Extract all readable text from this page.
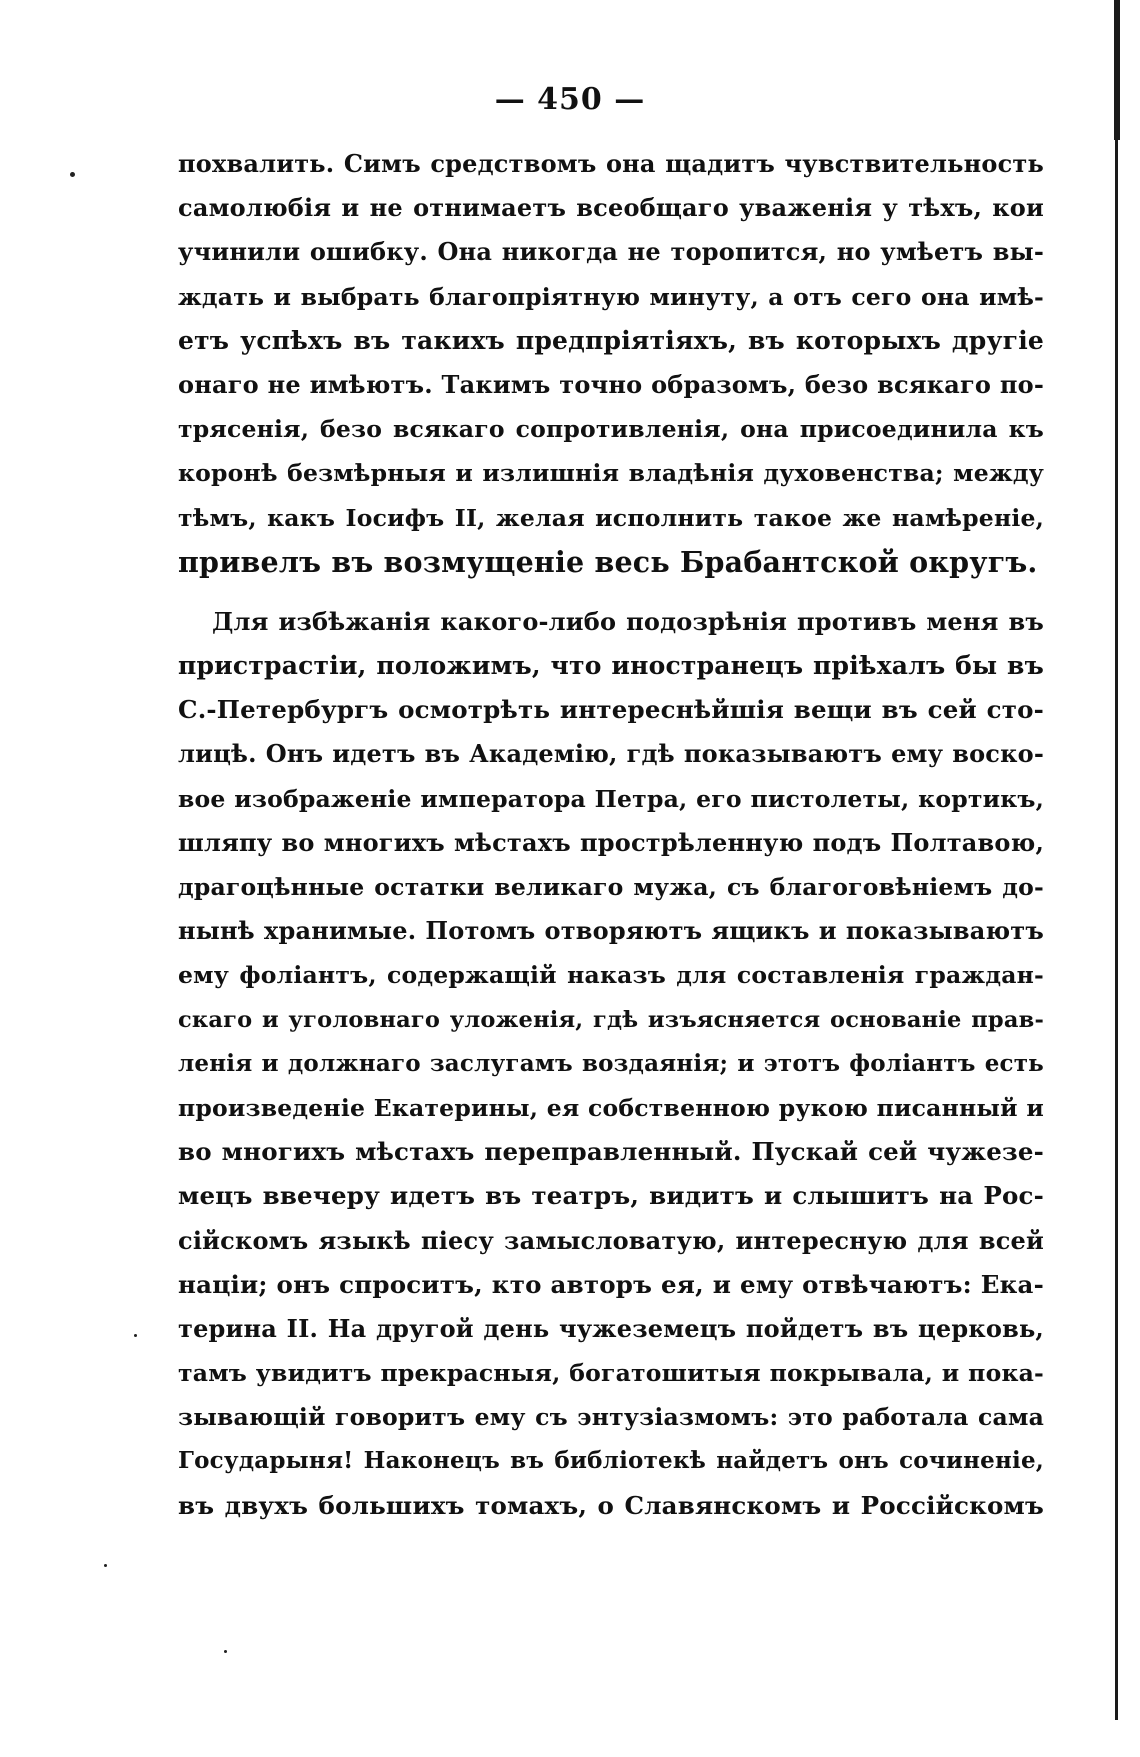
— 450 —
похвалить. Симъ средствомъ она щадитъ чувствительность
самолюбія и не отнимаетъ всеобщаго уваженія у тѣхъ, кои
учинили ошибку. Она никогда не торопится, но умѣетъ вы-
ждать и выбрать благопріятную минуту, а отъ сего она имѣ-
етъ успѣхъ въ такихъ предпріятіяхъ, въ которыхъ другіе
онаго не имѣютъ. Такимъ точно образомъ, безо всякаго по-
трясенія, безо всякаго сопротивленія, она присоединила къ
коронѣ безмѣрныя и излишнія владѣнія духовенства; между
тѣмъ, какъ Іосифъ II, желая исполнить такое же намѣреніе,
привелъ въ возмущеніе весь Брабантской округъ.
Для избѣжанія какого-либо подозрѣнія противъ меня въ
пристрастіи, положимъ, что иностранецъ пріѣхалъ бы въ
С.-Петербургъ осмотрѣть интереснѣйшія вещи въ сей сто-
лицѣ. Онъ идетъ въ Академію, гдѣ показываютъ ему воско-
вое изображеніе императора Петра, его пистолеты, кортикъ,
шляпу во многихъ мѣстахъ прострѣленную подъ Полтавою,
драгоцѣнные остатки великаго мужа, съ благоговѣніемъ до-
нынѣ хранимые. Потомъ отворяютъ ящикъ и показываютъ
ему фоліантъ, содержащій наказъ для составленія граждан-
скаго и уголовнаго уложенія, гдѣ изъясняется основаніе прав-
ленія и должнаго заслугамъ воздаянія; и этотъ фоліантъ есть
произведеніе Екатерины, ея собственною рукою писанный и
во многихъ мѣстахъ переправленный. Пускай сей чужезе-
мецъ ввечеру идетъ въ театръ, видитъ и слышитъ на Рос-
сійскомъ языкѣ піесу замысловатую, интересную для всей
націи; онъ спроситъ, кто авторъ ея, и ему отвѣчаютъ: Ека-
терина II. На другой день чужеземецъ пойдетъ въ церковь,
тамъ увидитъ прекрасныя, богатошитыя покрывала, и пока-
зывающій говоритъ ему съ энтузіазмомъ: это работала сама
Государыня! Наконецъ въ библіотекѣ найдетъ онъ сочиненіе,
въ двухъ большихъ томахъ, о Славянскомъ и Россійскомъ
